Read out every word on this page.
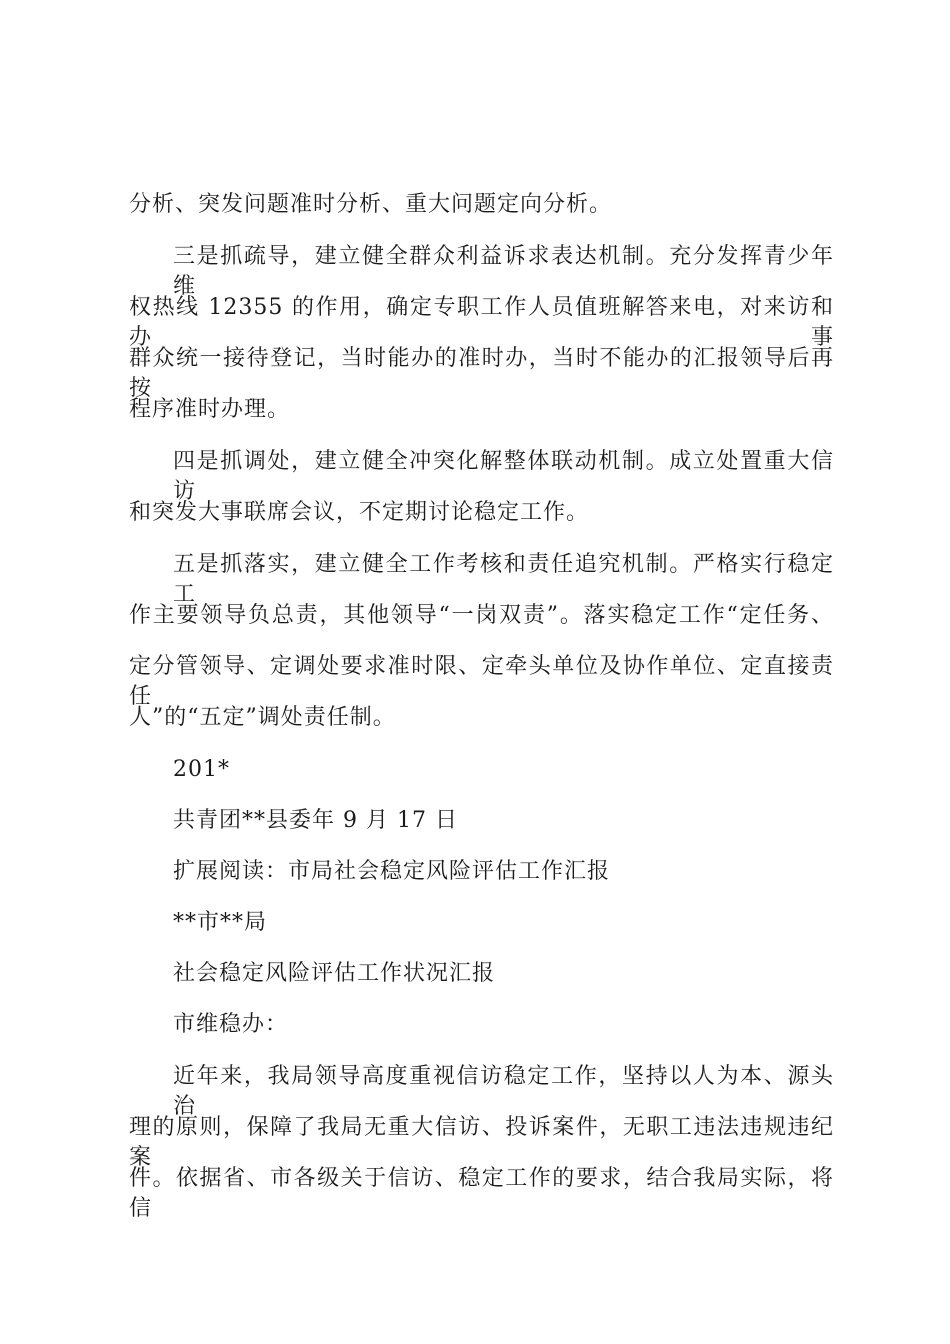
分析、突发问题准时分析、重大问题定向分析。
三是抓疏导，建立健全群众利益诉求表达机制。充分发挥青少年维
权热线 12355 的作用，确定专职工作人员值班解答来电，对来访和办事
群众统一接待登记，当时能办的准时办，当时不能办的汇报领导后再按
程序准时办理。
四是抓调处，建立健全冲突化解整体联动机制。成立处置重大信访
和突发大事联席会议，不定期讨论稳定工作。
五是抓落实，建立健全工作考核和责任追究机制。严格实行稳定工
作主要领导负总责，其他领导“一岗双责”。落实稳定工作“定任务、
定分管领导、定调处要求准时限、定牵头单位及协作单位、定直接责任
人”的“五定”调处责任制。
201*
共青团**县委年 9 月 17 日
扩展阅读：市局社会稳定风险评估工作汇报
**市**局
社会稳定风险评估工作状况汇报
市维稳办：
近年来，我局领导高度重视信访稳定工作，坚持以人为本、源头治
理的原则，保障了我局无重大信访、投诉案件，无职工违法违规违纪案
件。依据省、市各级关于信访、稳定工作的要求，结合我局实际，将信
